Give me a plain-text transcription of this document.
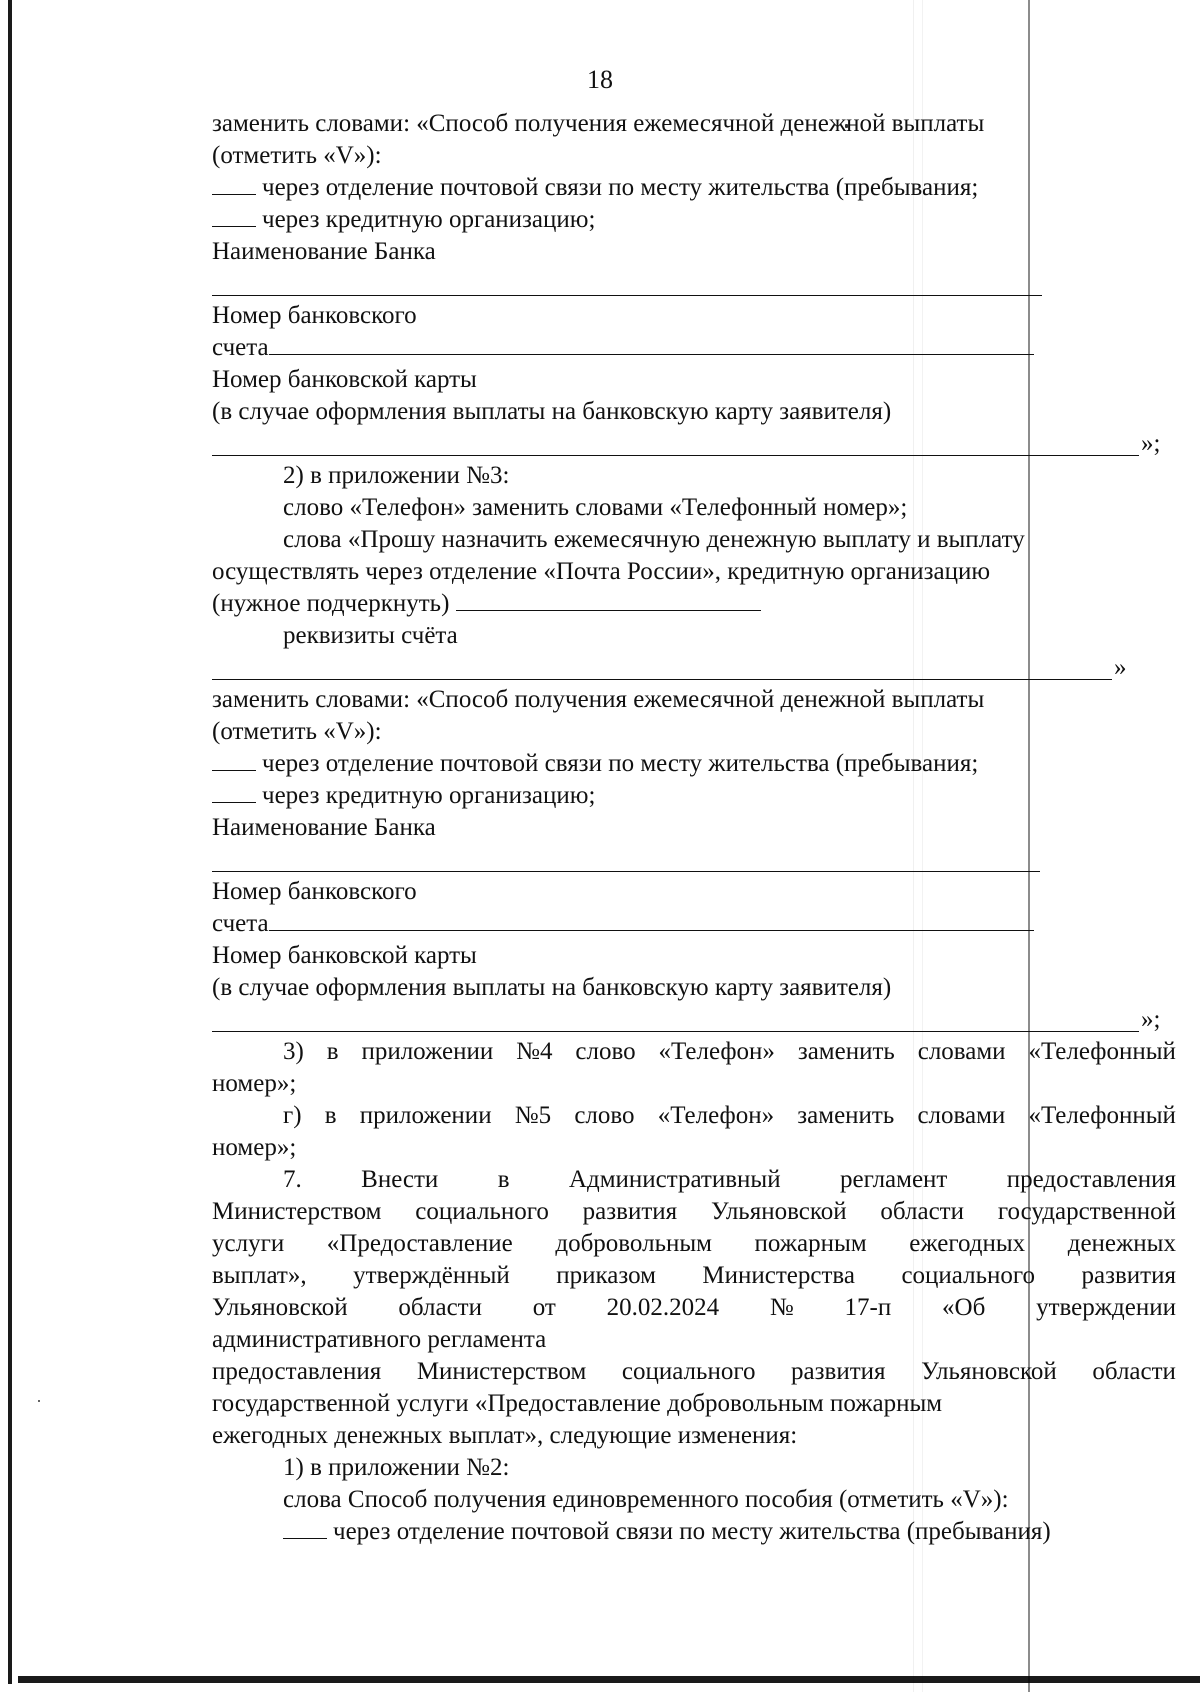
18
заменить словами: «Способ получения ежемесячной денежной выплаты
(отметить «V»):
через отделение почтовой связи по месту жительства (пребывания;
через кредитную организацию;
Наименование Банка
Номер банковского
счета
Номер банковской карты
(в случае оформления выплаты на банковскую карту заявителя)
»;
2) в приложении №3:
слово «Телефон» заменить словами «Телефонный номер»;
слова «Прошу назначить ежемесячную денежную выплату и выплату
осуществлять через отделение «Почта России», кредитную организацию
(нужное подчеркнуть)
реквизиты счёта
»
заменить словами: «Способ получения ежемесячной денежной выплаты
(отметить «V»):
через отделение почтовой связи по месту жительства (пребывания;
через кредитную организацию;
Наименование Банка
Номер банковского
счета
Номер банковской карты
(в случае оформления выплаты на банковскую карту заявителя)
»;
3) в приложении №4 слово «Телефон» заменить словами «Телефонный
номер»;
г) в приложении №5 слово «Телефон» заменить словами «Телефонный
номер»;
7. Внести в Административный регламент предоставления
Министерством социального развития Ульяновской области государственной
услуги «Предоставление добровольным пожарным ежегодных денежных
выплат», утверждённый приказом Министерства социального развития
Ульяновской области от 20.02.2024 № 17-п «Об утверждении
административного регламента
предоставления Министерством социального развития Ульяновской области
государственной услуги «Предоставление добровольным пожарным
ежегодных денежных выплат», следующие изменения:
1) в приложении №2:
слова Способ получения единовременного пособия (отметить «V»):
через отделение почтовой связи по месту жительства (пребывания)
